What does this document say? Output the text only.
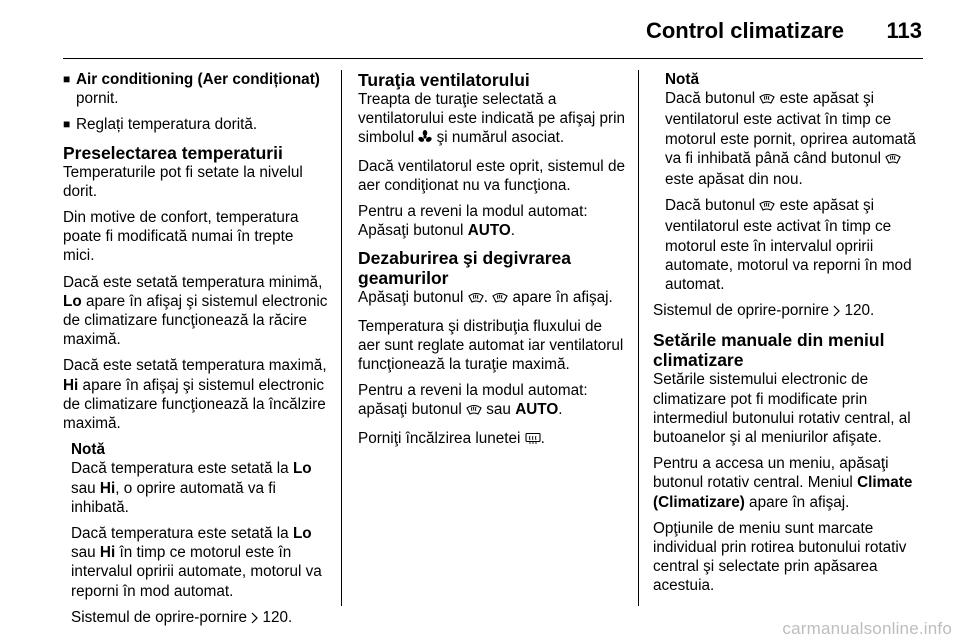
Control climatizare 113
■ Air conditioning (Aer condiționat)
pornit.
■ Reglați temperatura dorită.
Preselectarea temperaturii

Temperaturile pot fi setate la nivelul dorit.

Din motive de confort, temperatura poate fi modificată numai în trepte mici.

Dacă este setată temperatura minimă, Lo apare în afişaj şi sistemul electronic de climatizare funcţionează la răcire maximă.

Dacă este setată temperatura maximă, Hi apare în afişaj şi sistemul electronic de climatizare funcţionează la încălzire maximă.

Notă

Dacă temperatura este setată la Lo sau Hi, o oprire automată va fi inhibată.

Dacă temperatura este setată la Lo sau Hi în timp ce motorul este în intervalul opririi automate, motorul va reporni în mod automat.

Sistemul de oprire-pornire  120.

Turaţia ventilatorului

Treapta de turaţie selectată a ventilatorului este indicată pe afişaj prin simbolul şi numărul asociat.

Dacă ventilatorul este oprit, sistemul de aer condiţionat nu va funcţiona.

Pentru a reveni la modul automat: Apăsaţi butonul AUTO.

Dezaburirea şi degivrarea geamurilor

Apăsaţi butonul . apare în afişaj.

Temperatura şi distribuţia fluxului de aer sunt reglate automat iar ventilatorul funcţionează la turaţie maximă.

Pentru a reveni la modul automat: apăsaţi butonul sau AUTO.

Porniţi încălzirea lunetei .

Notă

Dacă butonul este apăsat şi ventilatorul este activat în timp ce motorul este pornit, oprirea automată va fi inhibată până când butonul  este apăsat din nou.

Dacă butonul este apăsat şi ventilatorul este activat în timp ce motorul este în intervalul opririi automate, motorul va reporni în mod automat.

Sistemul de oprire-pornire  120.

Setările manuale din meniul climatizare

Setările sistemului electronic de climatizare pot fi modificate prin intermediul butonului rotativ central, al butoanelor şi al meniurilor afişate.

Pentru a accesa un meniu, apăsaţi butonul rotativ central. Meniul Climate (Climatizare) apare în afişaj.

Opţiunile de meniu sunt marcate individual prin rotirea butonului rotativ central şi selectate prin apăsarea acestuia.

carmanualsonline.info
